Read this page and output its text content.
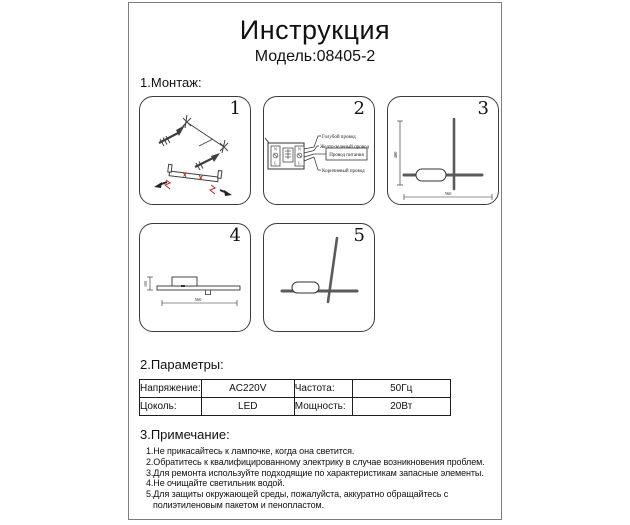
Инструкция
Модель:08405-2
1.Монтаж:
1
N
L
N
L
Голубой провод
Желто-зеленый провод
Провод питания
Коричневый провод
2
400
560
3
100
560
4	5
2.Параметры:
Напряжение:	AC220V	Частота:	50Гц
Цоколь:	LED	Мощность:	20Вт
3.Примечание:
1.Не прикасайтесь к лампочке, когда она светится.
2.Обратитесь к квалифицированному электрику в случае возникновения проблем.
3.Для ремонта используйте подходящие по характеристикам запасные элементы.
4.Не очищайте светильник водой.
5.Для защиты окружающей среды, пожалуйста, аккуратно обращайтесь с полиэтиленовым пакетом и пенопластом.
